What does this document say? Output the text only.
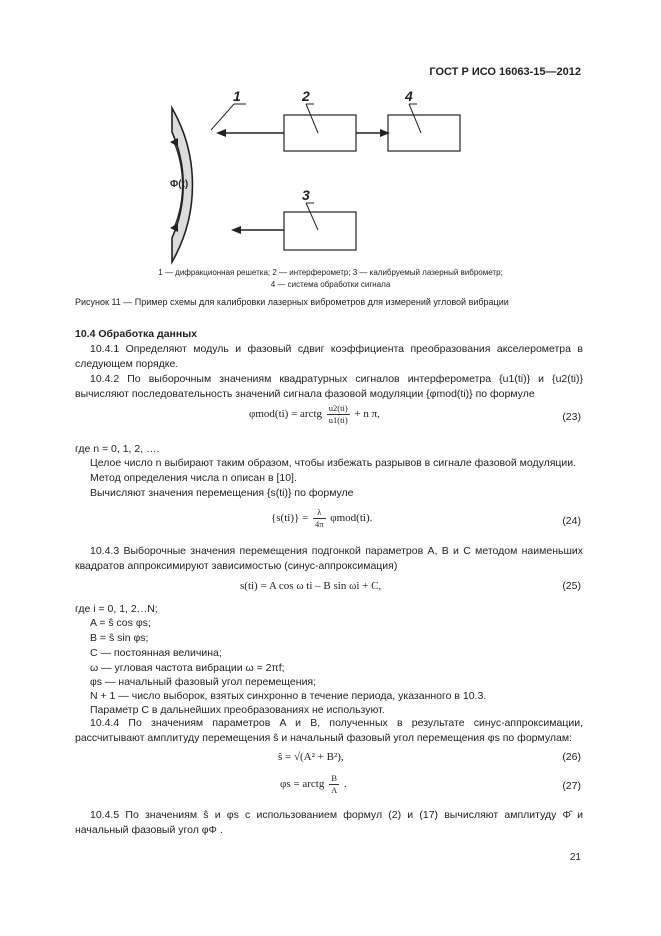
ГОСТ Р ИСО 16063-15—2012
1	2	4
3
Φ(t)
1 — дифракционная решетка; 2 — интерферометр; 3 — калибруемый лазерный виброметр;
4 — система обработки сигнала
Рисунок 11 — Пример схемы для калибровки лазерных виброметров для измерений угловой вибрации
10.4 Обработка данных
10.4.1 Определяют модуль и фазовый сдвиг коэффициента преобразования акселерометра в следующем порядке.
10.4.2 По выборочным значениям квадратурных сигналов интерферометра {u1(ti)} и {u2(ti)} вычисляют последовательность значений сигнала фазовой модуляции {φmod(ti)} по формуле
φmod(ti) = arctg $\frac{u2(ti)}{u1(ti)} + n$ π,	(23)
где n = 0, 1, 2, ….
Целое число n выбирают таким образом, чтобы избежать разрывов в сигнале фазовой модуляции.
Метод определения числа n описан в [10].
Вычисляют значения перемещения {s(ti)} по формуле
$\{s(ti)\} = \frac{\lambda}{4\pi} \varphi mod(ti)$.	(24)
10.4.3 Выборочные значения перемещения подгонкой параметров A, B и C методом наименьших квадратов аппроксимируют зависимостью (синус-аппроксимация)
s(ti) = A cos ω ti – B sin ωi + C,	(25)
где i = 0, 1, 2…N;
A = ŝ cos φs;
B = ŝ sin φs;
C — постоянная величина;
ω — угловая частота вибрации ω = 2πf;
φs — начальный фазовый угол перемещения;
N + 1 — число выборок, взятых синхронно в течение периода, указанного в 10.3.
Параметр C в дальнейших преобразованиях не используют.
10.4.4 По значениям параметров A и B, полученных в результате синус-аппроксимации, рассчитывают амплитуду перемещения ŝ и начальный фазовый угол перемещения φs по формулам:
ŝ = √(A² + B²),	(26)
φs = arctg $\frac{B}{A}$ .	(27)
10.4.5 По значениям ŝ и φs с использованием формул (2) и (17) вычисляют амплитуду Φ̂ и начальный фазовый угол φΦ .
21
